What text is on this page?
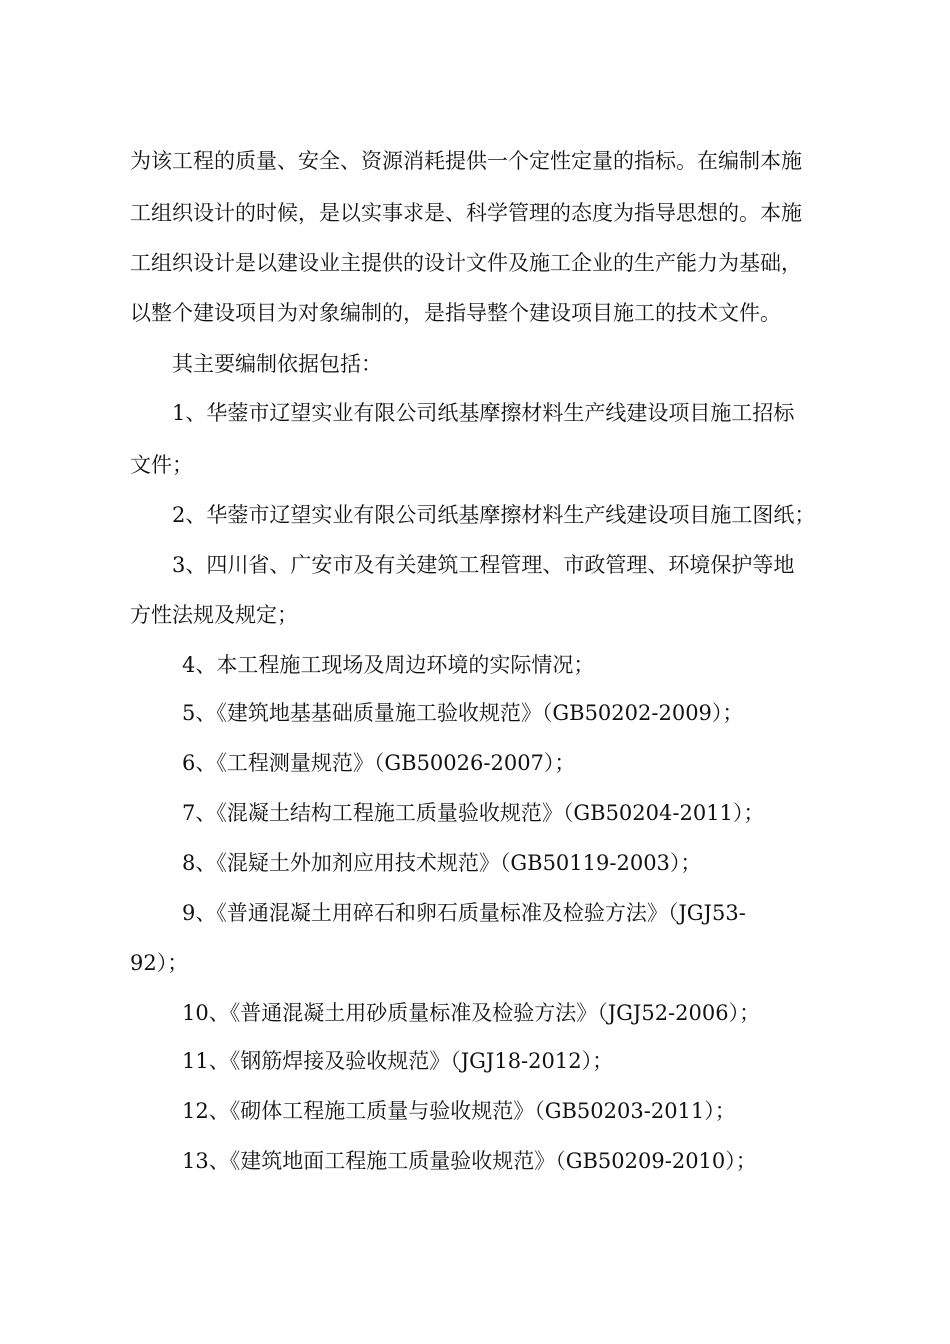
为该工程的质量、安全、资源消耗提供一个定性定量的指标。在编制本施
工组织设计的时候，是以实事求是、科学管理的态度为指导思想的。本施
工组织设计是以建设业主提供的设计文件及施工企业的生产能力为基础，
以整个建设项目为对象编制的，是指导整个建设项目施工的技术文件。
其主要编制依据包括：
1、华蓥市辽望实业有限公司纸基摩擦材料生产线建设项目施工招标
文件；
2、华蓥市辽望实业有限公司纸基摩擦材料生产线建设项目施工图纸；
3、四川省、广安市及有关建筑工程管理、市政管理、环境保护等地
方性法规及规定；
4、本工程施工现场及周边环境的实际情况；
5、《建筑地基基础质量施工验收规范》（GB50202-2009）；
6、《工程测量规范》（GB50026-2007）；
7、《混凝土结构工程施工质量验收规范》（GB50204-2011）；
8、《混疑土外加剂应用技术规范》（GB50119-2003）；
9、《普通混凝土用碎石和卵石质量标准及检验方法》（JGJ53-
92）；
10、《普通混凝土用砂质量标准及检验方法》（JGJ52-2006）；
11、《钢筋焊接及验收规范》（JGJ18-2012）；
12、《砌体工程施工质量与验收规范》（GB50203-2011）；
13、《建筑地面工程施工质量验收规范》（GB50209-2010）；
